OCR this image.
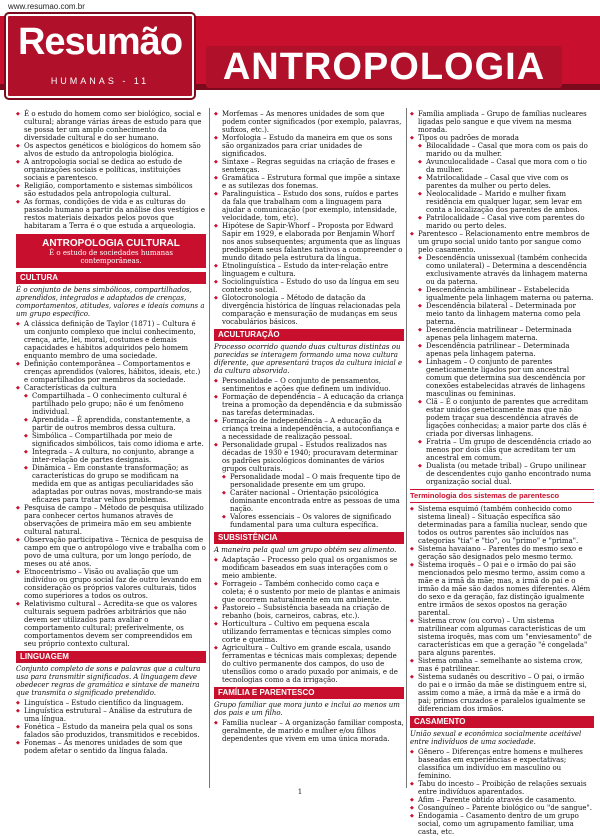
www.resumao.com.br
Resumão
HUMANAS - 11	ANTROPOLOGIA
◆ É o estudo do homem como ser biológico, social e cultural; abrange várias áreas de estudo para que se possa ter um amplo conhecimento da diversidade cultural e do ser humano.
◆ Os aspectos genéticos e biológicos do homem são alvos de estudo da antropologia biológica.
◆ A antropologia social se dedica ao estudo de organizações sociais e políticas, instituições sociais e parentesco.
◆ Religião, comportamento e sistemas simbólicos são estudados pela antropologia cultural.
◆ As formas, condições de vida e as culturas do passado humano a partir da análise dos vestígios e restos materiais deixados pelos povos que habitaram a Terra é o que estuda a arqueologia.
ANTROPOLOGIA CULTURAL
É o estudo de sociedades humanas contemporâneas.
CULTURA

É o conjunto de bens simbólicos, compartilhados, aprendidos, integrados e adaptados de crenças, comportamentos, atitudes, valores e ideais comuns a um grupo específico.

◆ A clássica definição de Taylor (1871) – Cultura é um conjunto complexo que inclui conhecimento, crença, arte, lei, moral, costumes e demais capacidades e hábitos adquiridos pelo homem enquanto membro de uma sociedade.
◆ Definição contemporânea – Comportamentos e crenças aprendidos (valores, hábitos, ideais, etc.) e compartilhados por membros da sociedade.
◆ Características da cultura
◆ Compartilhada – O conhecimento cultural é partilhado pelo grupo; não é um fenômeno individual.
◆ Aprendida – É aprendida, constantemente, a partir de outros membros dessa cultura.
◆ Simbólica – Compartilhada por meio de significados simbólicos, tais como idioma e arte.
◆ Integrada – A cultura, no conjunto, abrange a inter-relação de partes designais.
◆ Dinâmica – Em constante transformação; as características do grupo se modificam na medida em que as antigas peculiaridades são adaptadas por outras novas, mostrando-se mais eficazes para tratar velhos problemas.
◆ Pesquisa de campo – Método de pesquisa utilizado para conhecer certos humanos através de observações de primeira mão em seu ambiente cultural natural.
◆ Observação participativa – Técnica de pesquisa de campo em que o antropólogo vive e trabalha com o povo de uma cultura, por um longo período, de meses ou até anos.
◆ Etnocentrismo – Visão ou avaliação que um indivíduo ou grupo social faz de outro levando em consideração os próprios valores culturais, tidos como superiores a todos os outros.
◆ Relativismo cultural – Acredita-se que os valores culturais seguem padrões arbitrários que não devem ser utilizados para avaliar o comportamento cultural; preferivelmente, os comportamentos devem ser compreendidos em seu próprio contexto cultural.
LINGUAGEM

Conjunto completo de sons e palavras que a cultura usa para transmitir significados. A linguagem deve obedecer regras de gramática e sintaxe de maneira que transmita o significado pretendido.

◆ Linguística – Estudo científico da linguagem.
◆ Linguística estrutural – Análise da estrutura de uma língua.
◆ Fonética – Estudo da maneira pela qual os sons falados são produzidos, transmitidos e recebidos.
◆ Fonemas – As menores unidades de som que podem afetar o sentido da língua falada.
◆ Morfemas – As menores unidades de som que podem conter significados (por exemplo, palavras, sufixos, etc.).
◆ Morfologia – Estudo da maneira em que os sons são organizados para criar unidades de significados.
◆ Sintaxe – Regras seguidas na criação de frases e sentenças.
◆ Gramática – Estrutura formal que impõe a sintaxe e as sutilezas dos fonemas.
◆ Paralinguística – Estudo dos sons, ruídos e partes da fala que trabalham com a linguagem para ajudar a comunicação (por exemplo, intensidade, velocidade, tom, etc).
◆ Hipótese de Sapir-Whorf – Proposta por Edward Sapir em 1929, e elaborada por Benjamin Whorf nos anos subsequentes; argumenta que as línguas predispõem seus falantes nativos a compreender o mundo ditado pela estrutura da língua.
◆ Etnolinguística – Estudo da inter-relação entre linguagem e cultura.
◆ Sociolinguística – Estudo do uso da língua em seu contexto social.
◆ Glotocronologia – Método de datação da divergência histórica de línguas relacionadas pela comparação e mensuração de mudanças em seus vocabulários básicos.
ACULTURAÇÃO

Processo ocorrido quando duas culturas distintas ou parecidas se interagem formando uma nova cultura diferente, que apresentará traços da cultura inicial e da cultura absorvida.

◆ Personalidade – O conjunto de pensamentos, sentimentos e ações que definem um indivíduo.
◆ Formação de dependência – A educação da criança treina a promoção da dependência e da submissão nas tarefas determinadas.
◆ Formação de independência – A educação da criança treina a independência, a autoconfiança e a necessidade de realização pessoal.
◆ Personalidade grupal – Estudos realizados nas décadas de 1930 e 1940; procuravam determinar os padrões psicológicos dominantes de vários grupos culturais.
◆ Personalidade modal – O mais frequente tipo de personalidade presente em um grupo.
◆ Caráter nacional – Orientação psicológica dominante encontrada entre as pessoas de uma nação.
◆ Valores essenciais – Os valores de significado fundamental para uma cultura específica.
SUBSISTÊNCIA

A maneira pela qual um grupo obtém seu alimento.

◆ Adaptação – Processo pelo qual os organismos se modificam baseados em suas interações com o meio ambiente.
◆ Forrageio – Também conhecido como caça e coleta; é o sustento por meio de plantas e animais que ocorrem naturalmente em um ambiente.
◆ Pastoreio – Subsistência baseada na criação de rebanho (bois, carneiros, cabras, etc.).
◆ Horticultura – Cultivo em pequena escala utilizando ferramentas e técnicas simples como corte e queima.
◆ Agricultura – Cultivo em grande escala, usando ferramentas e técnicas mais complexas; depende do cultivo permanente dos campos, do uso de utensílios como o arado puxado por animais, e de tecnologias como a da irrigação.
FAMÍLIA E PARENTESCO

Grupo familiar que mora junto e inclui ao menos um dos pais e um filho.

◆ Família nuclear – A organização familiar composta, geralmente, de marido e mulher e/ou filhos dependentes que vivem em uma única morada.
◆ Família ampliada – Grupo de famílias nucleares ligadas pelo sangue e que vivem na mesma morada.
◆ Tipos ou padrões de morada
◆ Bilocalidade – Casal que mora com os pais do marido ou da mulher.
◆ Avunculocalidade – Casal que mora com o tio da mulher.
◆ Matrilocalidade – Casal que vive com os parentes da mulher ou perto deles.
◆ Neolocalidade – Marido e mulher fixam residência em qualquer lugar, sem levar em conta a localização dos parentes de ambos.
◆ Patrilocalidade – Casal vive com parentes do marido ou perto deles.
◆ Parentesco – Relacionamento entre membros de um grupo social unido tanto por sangue como pelo casamento.
◆ Descendência unissexual (também conhecida como unilateral) – Determina a descendência exclusivamente através da linhagem materna ou da paterna.
◆ Descendência ambilinear – Estabelecida igualmente pela linhagem materna ou paterna.
◆ Descendência bilateral – Determinada por meio tanto da linhagem materna como pela paterna.
◆ Descendência matrilinear – Determinada apenas pela linhagem materna.
◆ Descendência patrilinear – Determinada apenas pela linhagem paterna.
◆ Linhagem – O conjunto de parentes geneticamente ligados por um ancestral comum que determina sua descendência por conexões estabelecidas através de linhagens masculinas ou femininas.
◆ Clã – É o conjunto de parentes que acreditam estar unidos geneticamente mas que não podem traçar sua descendência através de ligações conhecidas; a maior parte dos clãs é criada por diversas linhagens.
◆ Fratria – Um grupo de descendência criado ao menos por dois clãs que acreditam ter um ancestral em comum.
◆ Dualista (ou metade tribal) – Grupo unilinear de descendentes cujo ganho encontrado numa organização social dual.
Terminologia dos sistemas de parentesco
◆ Sistema esquimó (também conhecido como sistema lineal) – Situação específica são determinadas para a família nuclear, sendo que todos os outros parentes são incluídos nas categorias "tia" e "tio", ou "primo" e "prima".
◆ Sistema havaiano – Parentes do mesmo sexo e geração são designados pelo mesmo termo.
◆ Sistema iroquês – O pai e o irmão do pai são mencionados pelo mesmo termo, assim como a mãe e a irmã da mãe; mas, a irmã do pai e o irmão da mãe são dados nomes diferentes. Além do sexo e da geração, faz distinção igualmente entre irmãos de sexos opostos na geração parental.
◆ Sistema crow (ou corvo) – Um sistema matrilinear com algumas características de um sistema iroquês, mas com um "enviesamento" de características em que a geração "é congelada" para alguns parentes.
◆ Sistema omaha – semelhante ao sistema crow, mas é patrilinear.
◆ Sistema sudanês ou descritivo – O pai, o irmão do pai e o irmão da mãe se distinguem entre si, assim como a mãe, a irmã da mãe e a irmã do pai; primos cruzados e paralelos igualmente se diferenciam dos irmãos.
CASAMENTO

União sexual e econômica socialmente aceitável entre indivíduos de uma sociedade.

◆ Gênero – Diferenças entre homens e mulheres baseadas em experiências e expectativas; classifica um indivíduo em masculino ou feminino.
◆ Tabu do incesto – Proibição de relações sexuais entre indivíduos aparentados.
◆ Afim – Parente obtido através de casamento.
◆ Cosanguíneo – Parente biológico ou "de sangue".
◆ Endogamia – Casamento dentro de um grupo social, como um agrupamento familiar, uma casta, etc.
1
